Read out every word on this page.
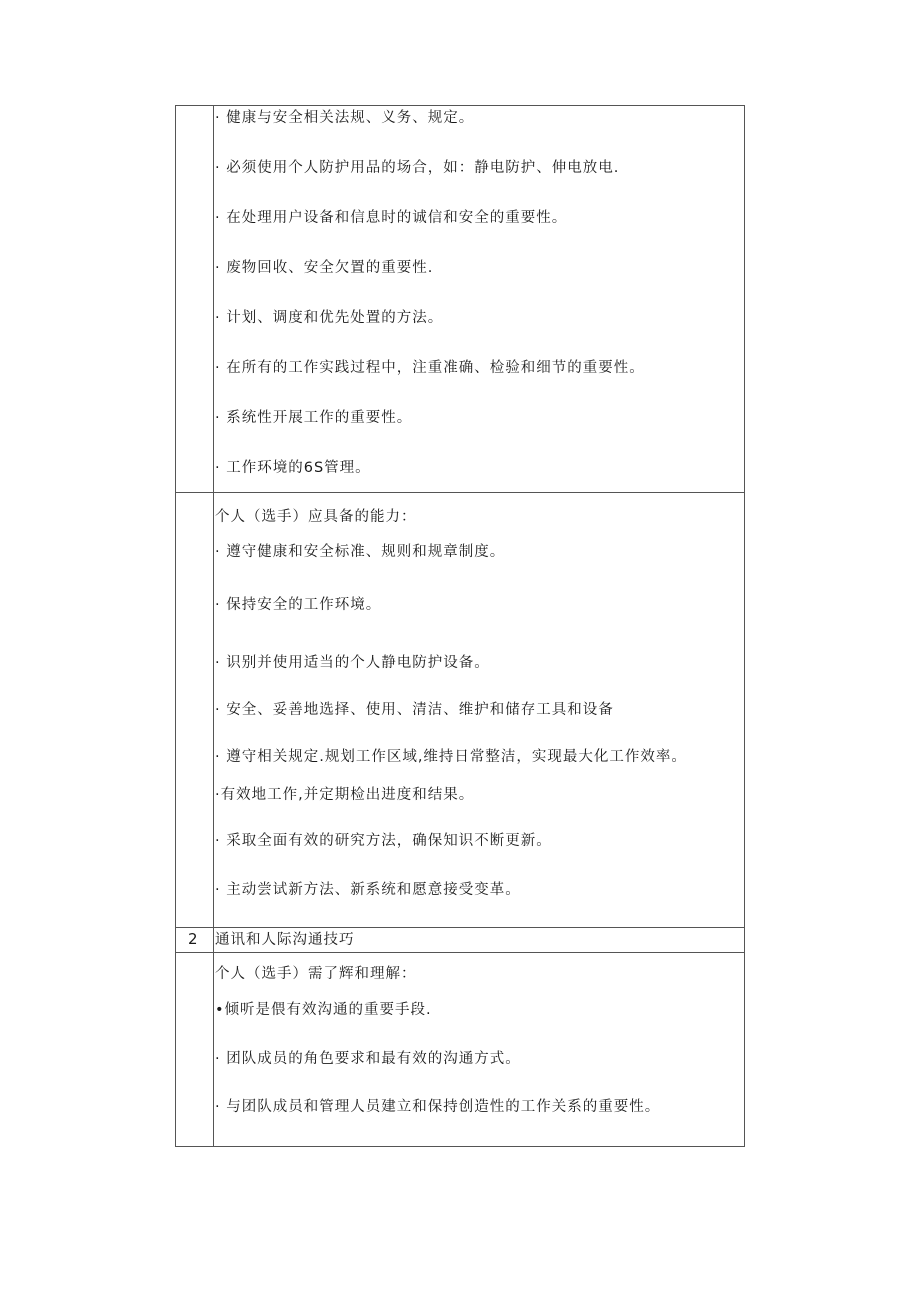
· 健康与安全相关法规、义务、规定。
· 必须使用个人防护用品的场合，如：静电防护、伸电放电.
· 在处理用户设备和信息时的诚信和安全的重要性。
· 废物回收、安全欠置的重要性.
· 计划、调度和优先处置的方法。
· 在所有的工作实践过程中，注重准确、检验和细节的重要性。
· 系统性开展工作的重要性。
· 工作环境的6S管理。
个人（选手）应具备的能力：
· 遵守健康和安全标准、规则和规章制度。
· 保持安全的工作环境。
· 识别并使用适当的个人静电防护设备。
· 安全、妥善地选择、使用、清洁、维护和储存工具和设备
· 遵守相关规定.规划工作区域,维持日常整洁，实现最大化工作效率。
·有效地工作,并定期检出进度和结果。
· 采取全面有效的研究方法，确保知识不断更新。
· 主动尝试新方法、新系统和愿意接受变革。
2 通讯和人际沟通技巧
个人（选手）需了辉和理解：
•倾听是偎有效沟通的重要手段.
· 团队成员的角色要求和最有效的沟通方式。
· 与团队成员和管理人员建立和保持创造性的工作关系的重要性。
